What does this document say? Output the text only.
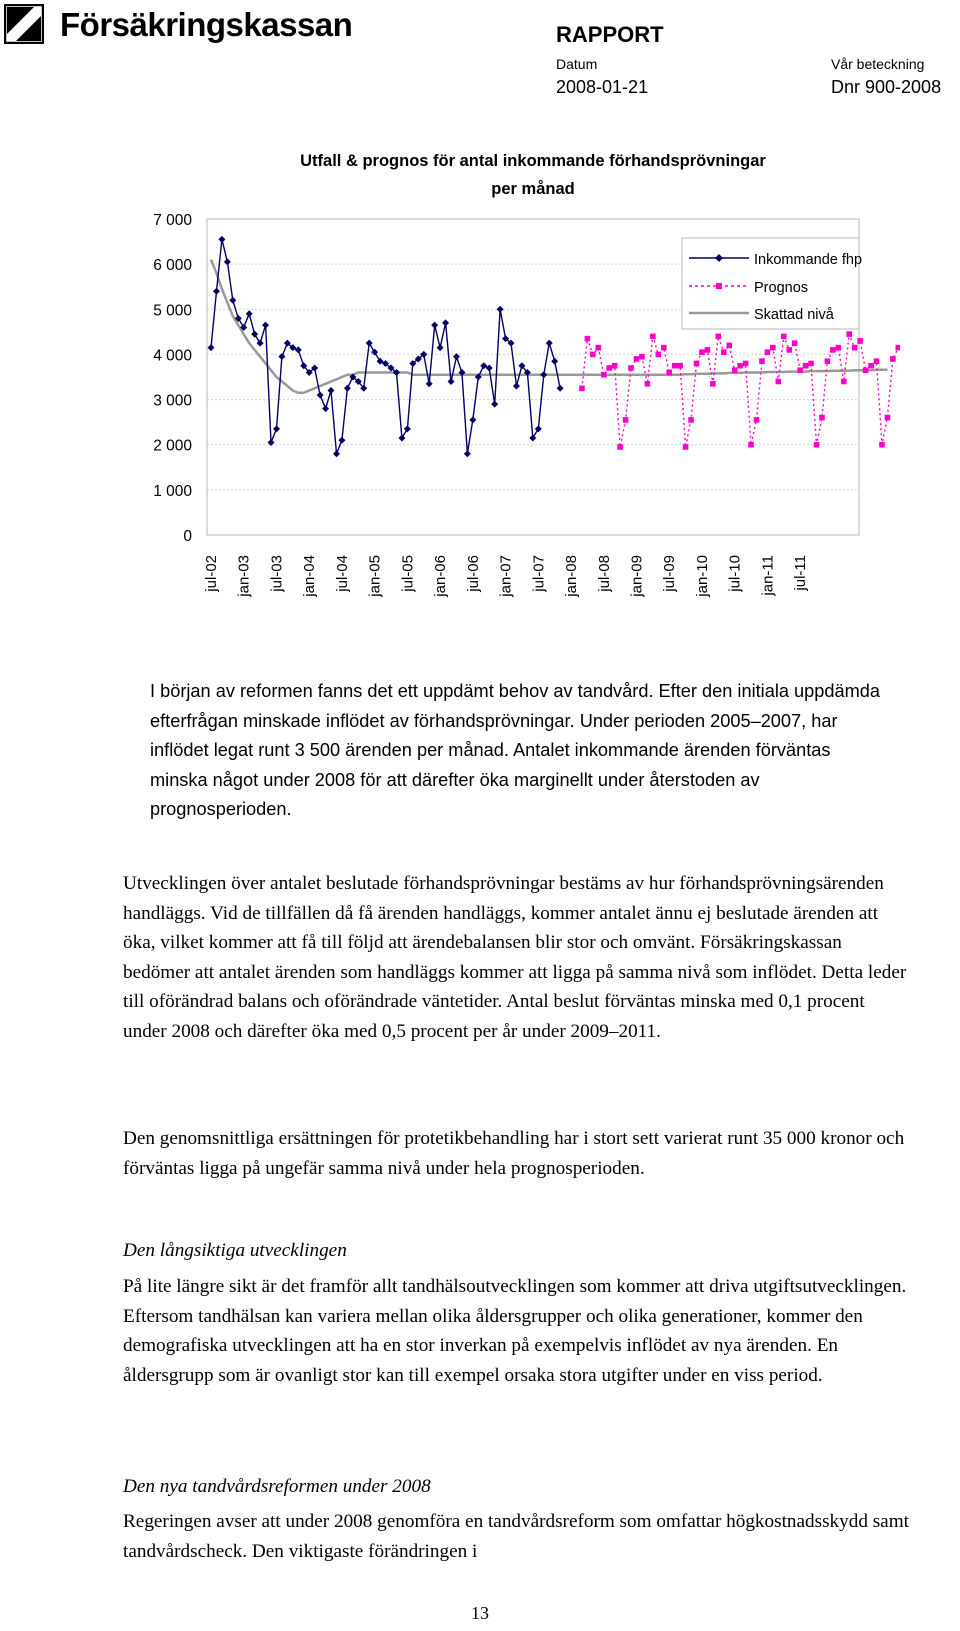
Försäkringskassan	RAPPORT
Datum	Vår beteckning
2008-01-21	Dnr 900-2008
Utfall & prognos för antal inkommande förhandsprövningar
per månad
0
1 000
2 000
3 000
4 000
5 000
6 000
7 000
jul-02 jan-03 jul-03 jan-04 jul-04 jan-05 jul-05 jan-06 jul-06 jan-07 jul-07 jan-08 jul-08 jan-09 jul-09 jan-10 jul-10 jan-11 jul-11
Inkommande fhp
Prognos
Skattad nivå

I början av reformen fanns det ett uppdämt behov av tandvård. Efter den initiala uppdämda efterfrågan minskade inflödet av förhandsprövningar. Under perioden 2005–2007, har inflödet legat runt 3 500 ärenden per månad. Antalet inkommande ärenden förväntas minska något under 2008 för att därefter öka marginellt under återstoden av prognosperioden.

Utvecklingen över antalet beslutade förhandsprövningar bestäms av hur förhandsprövningsärenden handläggs. Vid de tillfällen då få ärenden handläggs, kommer antalet ännu ej beslutade ärenden att öka, vilket kommer att få till följd att ärendebalansen blir stor och omvänt. Försäkringskassan bedömer att antalet ärenden som handläggs kommer att ligga på samma nivå som inflödet. Detta leder till oförändrad balans och oförändrade väntetider. Antal beslut förväntas minska med 0,1 procent under 2008 och därefter öka med 0,5 procent per år under 2009–2011.

Den genomsnittliga ersättningen för protetikbehandling har i stort sett varierat runt 35 000 kronor och förväntas ligga på ungefär samma nivå under hela prognosperioden.

Den långsiktiga utvecklingen

På lite längre sikt är det framför allt tandhälsoutvecklingen som kommer att driva utgiftsutvecklingen. Eftersom tandhälsan kan variera mellan olika åldersgrupper och olika generationer, kommer den demografiska utvecklingen att ha en stor inverkan på exempelvis inflödet av nya ärenden. En åldersgrupp som är ovanligt stor kan till exempel orsaka stora utgifter under en viss period.

Den nya tandvårdsreformen under 2008

Regeringen avser att under 2008 genomföra en tandvårdsreform som omfattar högkostnadsskydd samt tandvårdscheck. Den viktigaste förändringen i

13
